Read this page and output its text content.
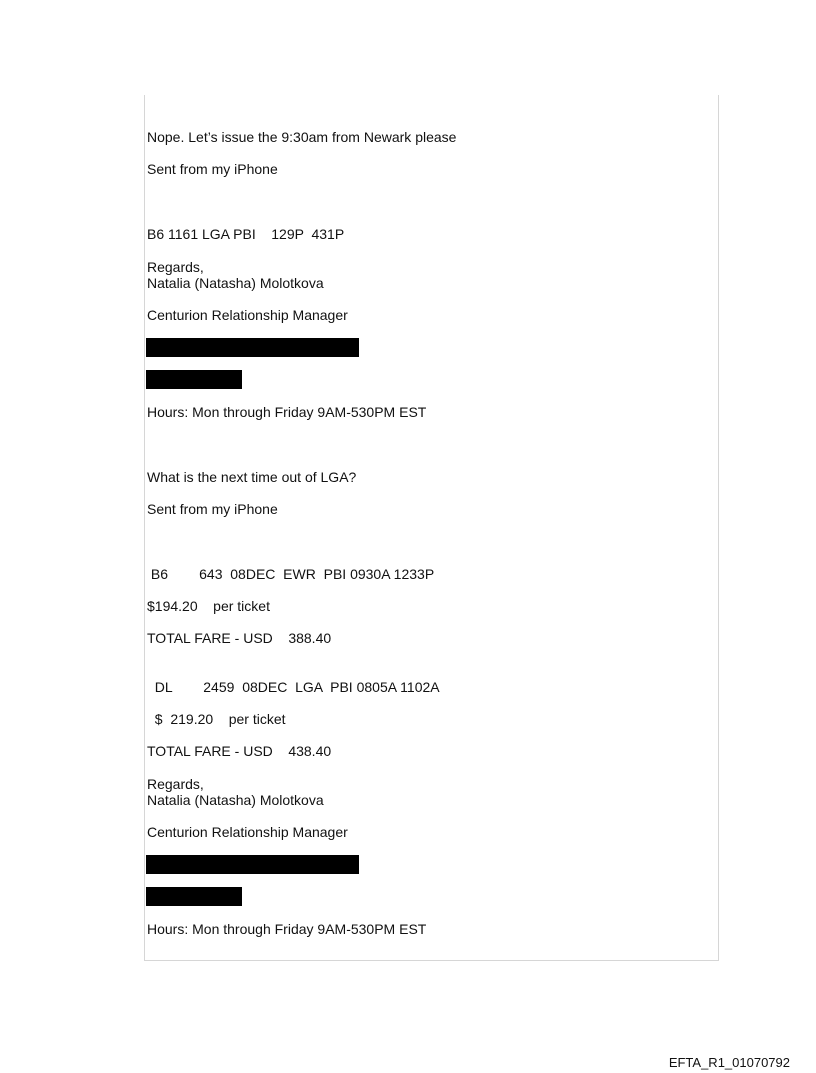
Nope. Let’s issue the 9:30am from Newark please
Sent from my iPhone
B6 1161 LGA PBI    129P  431P
Regards,
Natalia (Natasha) Molotkova
Centurion Relationship Manager
Hours: Mon through Friday 9AM-530PM EST
What is the next time out of LGA?
Sent from my iPhone
B6        643  08DEC  EWR  PBI 0930A 1233P
$194.20    per ticket
TOTAL FARE - USD    388.40
DL        2459  08DEC  LGA  PBI 0805A 1102A
$  219.20    per ticket
TOTAL FARE - USD    438.40
Regards,
Natalia (Natasha) Molotkova
Centurion Relationship Manager
Hours: Mon through Friday 9AM-530PM EST
EFTA_R1_01070792
